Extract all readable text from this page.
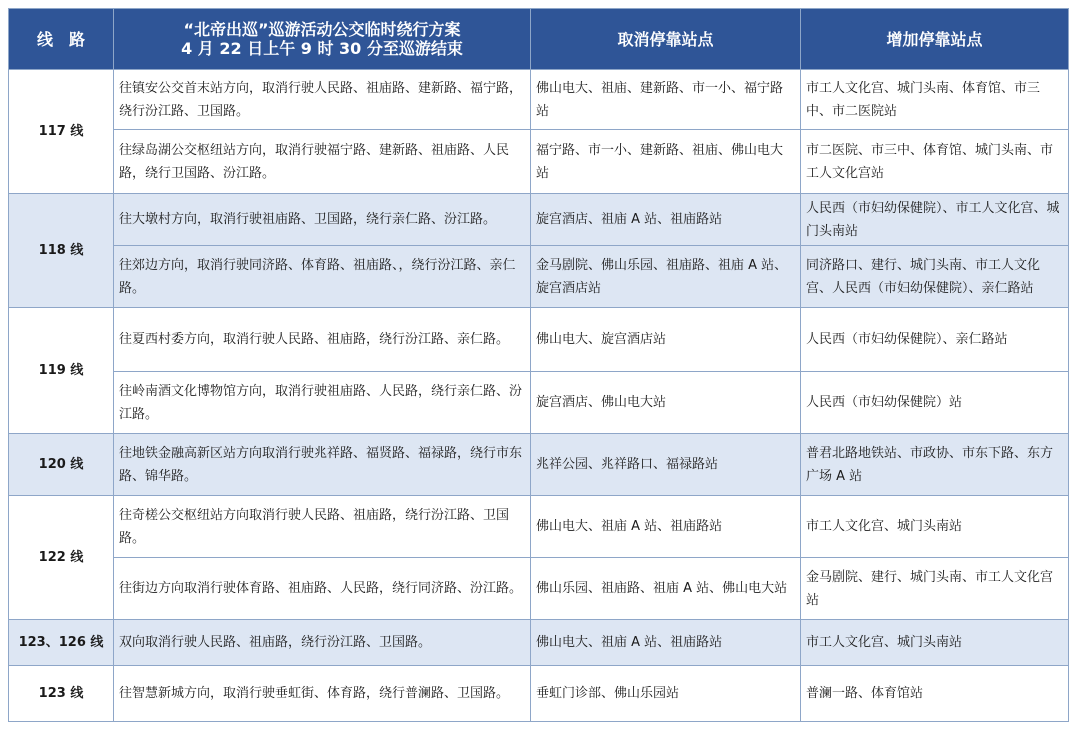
线　路	“北帝出巡”巡游活动公交临时绕行方案
4 月 22 日上午 9 时 30 分至巡游结束	取消停靠站点	增加停靠站点
117 线	往镇安公交首末站方向，取消行驶人民路、祖庙路、建新路、福宁路，绕行汾江路、卫国路。	佛山电大、祖庙、建新路、市一小、福宁路站	市工人文化宫、城门头南、体育馆、市三中、市二医院站
	往绿岛湖公交枢纽站方向，取消行驶福宁路、建新路、祖庙路、人民路，绕行卫国路、汾江路。	福宁路、市一小、建新路、祖庙、佛山电大站	市二医院、市三中、体育馆、城门头南、市工人文化宫站
118 线	往大墩村方向，取消行驶祖庙路、卫国路，绕行亲仁路、汾江路。	旋宫酒店、祖庙 A 站、祖庙路站	人民西（市妇幼保健院）、市工人文化宫、城门头南站
	往郊边方向，取消行驶同济路、体育路、祖庙路、，绕行汾江路、亲仁路。	金马剧院、佛山乐园、祖庙路、祖庙 A 站、旋宫酒店站	同济路口、建行、城门头南、市工人文化宫、人民西（市妇幼保健院）、亲仁路站
119 线	往夏西村委方向，取消行驶人民路、祖庙路，绕行汾江路、亲仁路。	佛山电大、旋宫酒店站	人民西（市妇幼保健院）、亲仁路站
	往岭南酒文化博物馆方向，取消行驶祖庙路、人民路，绕行亲仁路、汾江路。	旋宫酒店、佛山电大站	人民西（市妇幼保健院）站
120 线	往地铁金融高新区站方向取消行驶兆祥路、福贤路、福禄路，绕行市东路、锦华路。	兆祥公园、兆祥路口、福禄路站	普君北路地铁站、市政协、市东下路、东方广场 A 站
122 线	往奇槎公交枢纽站方向取消行驶人民路、祖庙路，绕行汾江路、卫国路。	佛山电大、祖庙 A 站、祖庙路站	市工人文化宫、城门头南站
	往街边方向取消行驶体育路、祖庙路、人民路，绕行同济路、汾江路。	佛山乐园、祖庙路、祖庙 A 站、佛山电大站	金马剧院、建行、城门头南、市工人文化宫站
123、126 线	双向取消行驶人民路、祖庙路，绕行汾江路、卫国路。	佛山电大、祖庙 A 站、祖庙路站	市工人文化宫、城门头南站
123 线	往智慧新城方向，取消行驶垂虹街、体育路，绕行普澜路、卫国路。	垂虹门诊部、佛山乐园站	普澜一路、体育馆站
